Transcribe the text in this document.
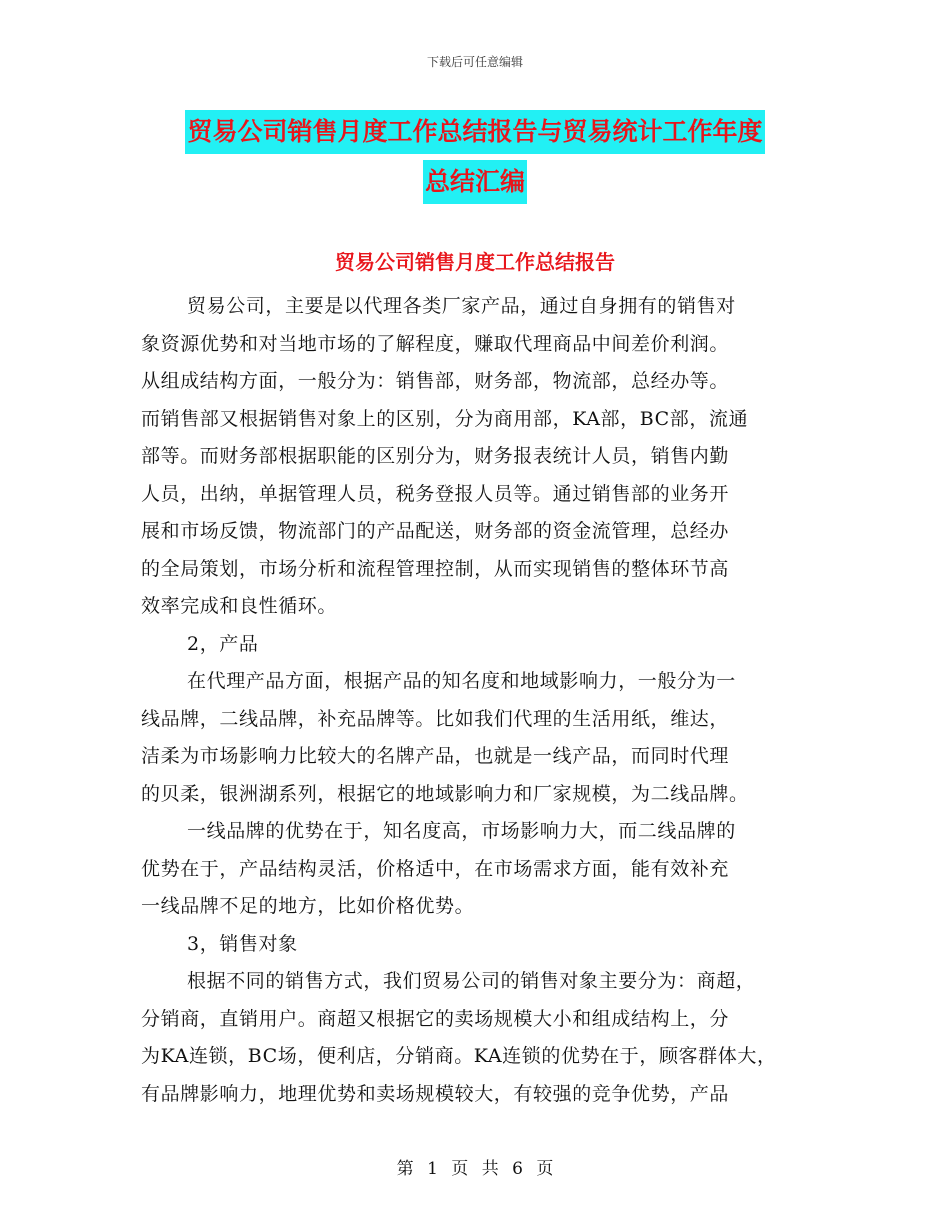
下载后可任意编辑
贸易公司销售月度工作总结报告与贸易统计工作年度
总结汇编
贸易公司销售月度工作总结报告

贸易公司，主要是以代理各类厂家产品，通过自身拥有的销售对

象资源优势和对当地市场的了解程度，赚取代理商品中间差价利润。

从组成结构方面，一般分为：销售部，财务部，物流部，总经办等。

而销售部又根据销售对象上的区别，分为商用部，KA部，BC部，流通

部等。而财务部根据职能的区别分为，财务报表统计人员，销售内勤

人员，出纳，单据管理人员，税务登报人员等。通过销售部的业务开

展和市场反馈，物流部门的产品配送，财务部的资金流管理，总经办

的全局策划，市场分析和流程管理控制，从而实现销售的整体环节高

效率完成和良性循环。

2，产品

在代理产品方面，根据产品的知名度和地域影响力，一般分为一

线品牌，二线品牌，补充品牌等。比如我们代理的生活用纸，维达，

洁柔为市场影响力比较大的名牌产品，也就是一线产品，而同时代理

的贝柔，银洲湖系列，根据它的地域影响力和厂家规模，为二线品牌。

一线品牌的优势在于，知名度高，市场影响力大，而二线品牌的

优势在于，产品结构灵活，价格适中，在市场需求方面，能有效补充

一线品牌不足的地方，比如价格优势。

3，销售对象

根据不同的销售方式，我们贸易公司的销售对象主要分为：商超，

分销商，直销用户。商超又根据它的卖场规模大小和组成结构上，分

为KA连锁，BC场，便利店，分销商。KA连锁的优势在于，顾客群体大，

有品牌影响力，地理优势和卖场规模较大，有较强的竞争优势，产品

第 1 页 共 6 页
